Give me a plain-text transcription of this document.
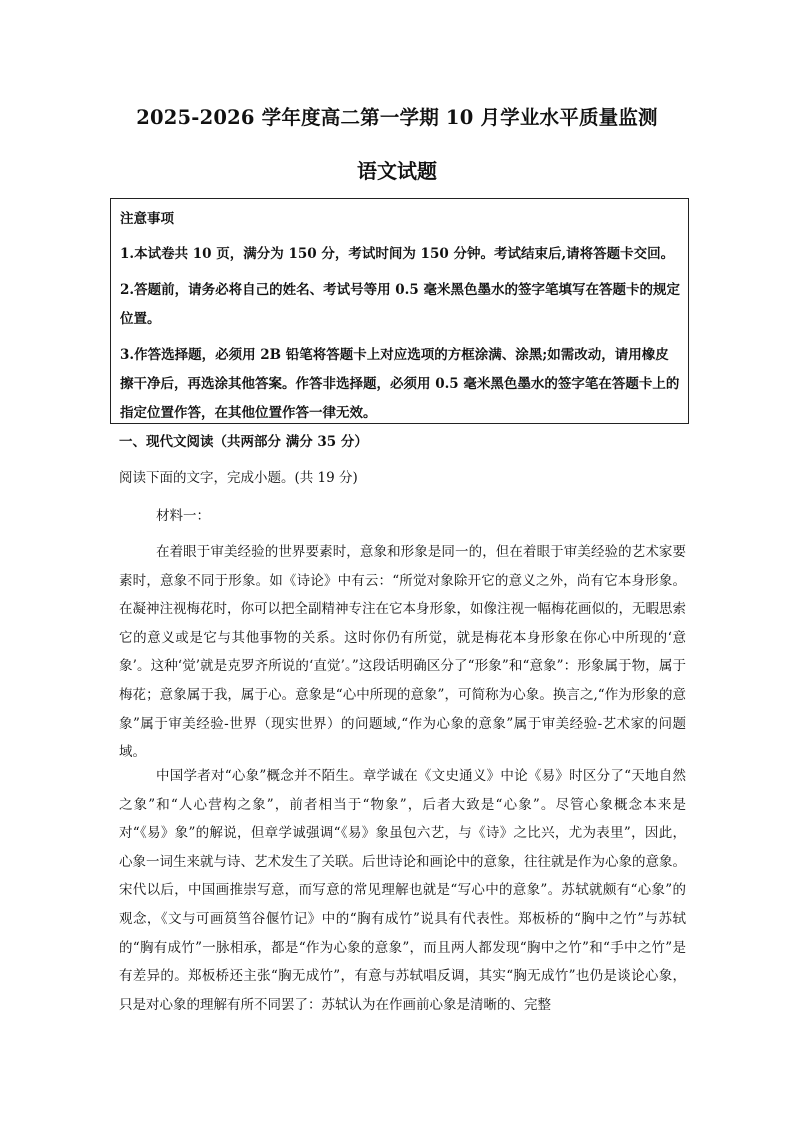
2025-2026 学年度高二第一学期 10 月学业水平质量监测
语文试题

注意事项

1.本试卷共 10 页，满分为 150 分，考试时间为 150 分钟。考试结束后,请将答题卡交回。

2.答题前，请务必将自己的姓名、考试号等用 0.5 毫米黑色墨水的签字笔填写在答题卡的规定位置。

3.作答选择题，必须用 2B 铅笔将答题卡上对应选项的方框涂满、涂黑;如需改动，请用橡皮擦干净后，再选涂其他答案。作答非选择题，必须用 0.5 毫米黑色墨水的签字笔在答题卡上的指定位置作答，在其他位置作答一律无效。

一、现代文阅读（共两部分 满分 35 分）
阅读下面的文字，完成小题。(共 19 分)
材料一：

在着眼于审美经验的世界要素时，意象和形象是同一的，但在着眼于审美经验的艺术家要素时，意象不同于形象。如《诗论》中有云：“所觉对象除开它的意义之外，尚有它本身形象。在凝神注视梅花时，你可以把全副精神专注在它本身形象，如像注视一幅梅花画似的，无暇思索它的意义或是它与其他事物的关系。这时你仍有所觉，就是梅花本身形象在你心中所现的‘意象’。这种‘觉’就是克罗齐所说的‘直觉’。”这段话明确区分了“形象”和“意象”：形象属于物，属于梅花；意象属于我，属于心。意象是“心中所现的意象”，可简称为心象。换言之,“作为形象的意象”属于审美经验-世界（现实世界）的问题域,“作为心象的意象”属于审美经验-艺术家的问题域。

中国学者对“心象”概念并不陌生。章学诚在《文史通义》中论《易》时区分了“天地自然之象”和“人心营构之象”，前者相当于“物象”，后者大致是“心象”。尽管心象概念本来是对“《易》象”的解说，但章学诚强调“《易》象虽包六艺，与《诗》之比兴，尤为表里”，因此，心象一词生来就与诗、艺术发生了关联。后世诗论和画论中的意象，往往就是作为心象的意象。宋代以后，中国画推崇写意，而写意的常见理解也就是“写心中的意象”。苏轼就颇有“心象”的观念，《文与可画筼筜谷偃竹记》中的“胸有成竹”说具有代表性。郑板桥的“胸中之竹”与苏轼的“胸有成竹”一脉相承，都是“作为心象的意象”，而且两人都发现“胸中之竹”和“手中之竹”是有差异的。郑板桥还主张“胸无成竹”，有意与苏轼唱反调，其实“胸无成竹”也仍是谈论心象，只是对心象的理解有所不同罢了：苏轼认为在作画前心象是清晰的、完整
